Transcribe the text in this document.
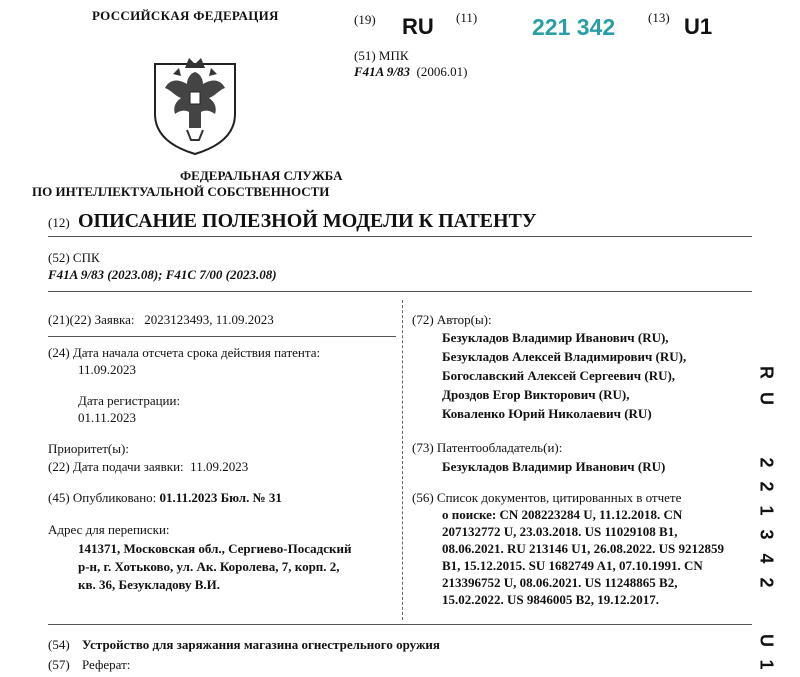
РОССИЙСКАЯ ФЕДЕРАЦИЯ
ФЕДЕРАЛЬНАЯ СЛУЖБА
ПО ИНТЕЛЛЕКТУАЛЬНОЙ СОБСТВЕННОСТИ
(19) RU (11) 221 342	(13) U1
(51) МПК
F41A 9/83 (2006.01)
(12) ОПИСАНИЕ ПОЛЕЗНОЙ МОДЕЛИ К ПАТЕНТУ
(52) СПК
F41A 9/83 (2023.08); F41C 7/00 (2023.08)
(21)(22) Заявка: 2023123493, 11.09.2023
(24) Дата начала отсчета срока действия патента:
11.09.2023
Дата регистрации:
01.11.2023
Приоритет(ы):
(22) Дата подачи заявки: 11.09.2023
(45) Опубликовано: 01.11.2023 Бюл. № 31
Адрес для переписки:
141371, Московская обл., Сергиево-Посадский
р-н, г. Хотьково, ул. Ак. Королева, 7, корп. 2,
кв. 36, Безукладову В.И.
(72) Автор(ы):
Безукладов Владимир Иванович (RU),
Безукладов Алексей Владимирович (RU),
Богославский Алексей Сергеевич (RU),
Дроздов Егор Викторович (RU),
Коваленко Юрий Николаевич (RU)
(73) Патентообладатель(и):
Безукладов Владимир Иванович (RU)
(56) Список документов, цитированных в отчете
о поиске: CN 208223284 U, 11.12.2018. CN
207132772 U, 23.03.2018. US 11029108 B1,
08.06.2021. RU 213146 U1, 26.08.2022. US 9212859
B1, 15.12.2015. SU 1682749 A1, 07.10.1991. CN
213396752 U, 08.06.2021. US 11248865 B2,
15.02.2022. US 9846005 B2, 19.12.2017.
(54) Устройство для заряжания магазина огнестрельного оружия
(57) Реферат:
R
U
2
2
1
3
4
2
U
1
